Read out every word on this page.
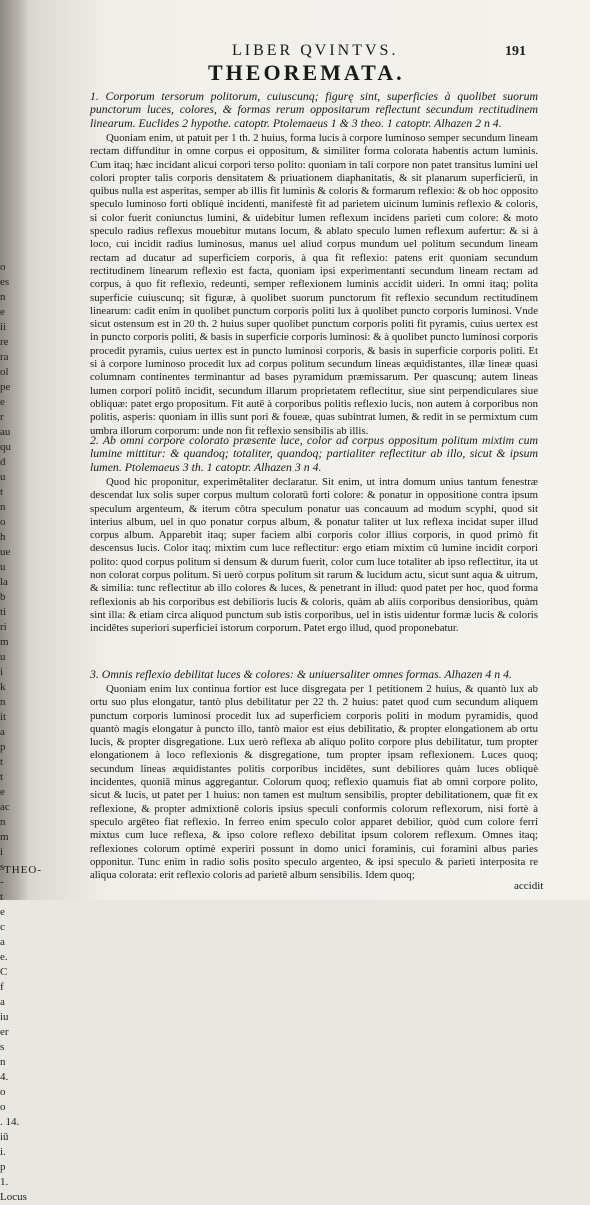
o
es
n
e
ii
re
ra
ol
pe
e
r
au
qu
d
u
t
n
o
h
ue
u
la
b
ti
ri
m
u
i
k
n
it
a
p
t
t
e
ac
n
m
i
s
-
t
e
c
a
e.
C
f
a
iu
er
s
n
4.
o
o
. 14.
iū
i.
p
1.
Locus
LIBER QVINTVS.	191
THEOREMATA.
1. Corporum tersorum politorum, cuiuscunq; figurę sint, superficies à quolibet suorum punctorum luces, colores, & formas rerum oppositarum reflectunt secundum rectitudinem linearum. Euclides 2 hypothe. catoptr. Ptolemaeus 1 & 3 theo. 1 catoptr. Alhazen 2 n 4.
Quoniam enim, ut patuit per 1 th. 2 huius, forma lucis à corpore luminoso semper secundum lineam rectam diffunditur in omne corpus ei oppositum, & similiter forma colorata habentis actum luminis. Cum itaq; hæc incidant alicui corpori terso polito: quoniam in tali corpore non patet transitus lumini uel colori propter talis corporis densitatem & priuationem diaphanitatis, & sit planarum superficierū, in quibus nulla est asperitas, semper ab illis fit luminis & coloris & formarum reflexio: & ob hoc opposito speculo luminoso forti obliquè incidenti, manifestè fit ad parietem uicinum luminis reflexio & coloris, si color fuerit coniunctus lumini, & uidebitur lumen reflexum incidens parieti cum colore: & moto speculo radius reflexus mouebitur mutans locum, & ablato speculo lumen reflexum aufertur: & si à loco, cui incidit radius luminosus, manus uel aliud corpus mundum uel politum secundum lineam rectam ad ducatur ad superficiem corporis, à qua fit reflexio: patens erit quoniam secundum rectitudinem linearum reflexio est facta, quoniam ipsi experimentanti secundum lineam rectam ad corpus, à quo fit reflexio, redeunti, semper reflexionem luminis accidit uideri. In omni itaq; polita superficie cuiuscunq; sit figuræ, à quolibet suorum punctorum fit reflexio secundum rectitudinem linearum: cadit enim in quolibet punctum corporis politi lux à quolibet puncto corporis luminosi. Vnde sicut ostensum est in 20 th. 2 huius super quolibet punctum corporis politi fit pyramis, cuius uertex est in puncto corporis politi, & basis in superficie corporis luminosi: & à quolibet puncto luminosi corporis procedit pyramis, cuius uertex est in puncto luminosi corporis, & basis in superficie corporis politi. Et si à corpore luminoso procedit lux ad corpus politum secundum lineas æquidistantes, illæ lineæ quasi columnam continentes terminantur ad bases pyramidum præmissarum. Per quascunq; autem lineas lumen corpori politō incidit, secundum illarum proprietatem reflectitur, siue sint perpendiculares siue obliquæ: patet ergo propositum. Fit autē à corporibus politis reflexio lucis, non autem à corporibus non politis, asperis: quoniam in illis sunt pori & foueæ, quas subintrat lumen, & redit in se permixtum cum umbra illorum corporum: unde non fit reflexio sensibilis ab illis.
2. Ab omni corpore colorato præsente luce, color ad corpus oppositum politum mixtim cum lumine mittitur: & quandoq; totaliter, quandoq; partialiter reflectitur ab illo, sicut & ipsum lumen. Ptolemaeus 3 th. 1 catoptr. Alhazen 3 n 4.
Quod hic proponitur, experimētaliter declaratur. Sit enim, ut intra domum unius tantum fenestræ descendat lux solis super corpus multum coloratū forti colore: & ponatur in oppositione contra ipsum speculum argenteum, & iterum cōtra speculum ponatur uas concauum ad modum scyphi, quod sit interius album, uel in quo ponatur corpus album, & ponatur taliter ut lux reflexa incidat super illud corpus album. Apparebit itaq; super faciem albi corporis color illius corporis, in quod primò fit descensus lucis. Color itaq; mixtim cum luce reflectitur: ergo etiam mixtim cū lumine incidit corpori polito: quod corpus politum si densum & durum fuerit, color cum luce totaliter ab ipso reflectitur, ita ut non colorat corpus politum. Si uerò corpus politum sit rarum & lucidum actu, sicut sunt aqua & uitrum, & similia: tunc reflectitur ab illo colores & luces, & penetrant in illud: quod patet per hoc, quod forma reflexionis ab his corporibus est debilioris lucis & coloris, quàm ab aliis corporibus densioribus, quàm sint illa: & etiam circa aliquod punctum sub istis corporibus, uel in istis uidentur formæ lucis & coloris incidētes superiori superficiei istorum corporum. Patet ergo illud, quod proponebatur.
3. Omnis reflexio debilitat luces & colores: & uniuersaliter omnes formas. Alhazen 4 n 4.
Quoniam enim lux continua fortior est luce disgregata per 1 petitionem 2 huius, & quantò lux ab ortu suo plus elongatur, tantò plus debilitatur per 22 th. 2 huius: patet quod cum secundum aliquem punctum corporis luminosi procedit lux ad superficiem corporis politi in modum pyramidis, quod quantò magis elongatur à puncto illo, tantò maior est eius debilitatio, & propter elongationem ab ortu lucis, & propter disgregatione. Lux uerò reflexa ab aliquo polito corpore plus debilitatur, tum propter elongationem à loco reflexionis & disgregatione, tum propter ipsam reflexionem. Luces quoq; secundum lineas æquidistantes politis corporibus incidētes, sunt debiliores quàm luces obliquè incidentes, quoniā minus aggregantur. Colorum quoq; reflexio quamuis fiat ab omni corpore polito, sicut & lucis, ut patet per 1 huius: non tamen est multum sensibilis, propter debilitationem, quæ fit ex reflexione, & propter admixtionē coloris ipsius speculi conformis colorum reflexorum, nisi fortè à speculo argēteo fiat reflexio. In ferreo enim speculo color apparet debilior, quòd cum colore ferri mixtus cum luce reflexa, & ipso colore reflexo debilitat ipsum colorem reflexum. Omnes itaq; reflexiones colorum optimè experiri possunt in domo unici foraminis, cui foramini albus paries opponitur. Tunc enim in radio solis posito speculo argenteo, & ipsi speculo & parieti interposita re aliqua colorata: erit reflexio coloris ad parietē album sensibilis. Idem quoq;
accidit
THEO-
